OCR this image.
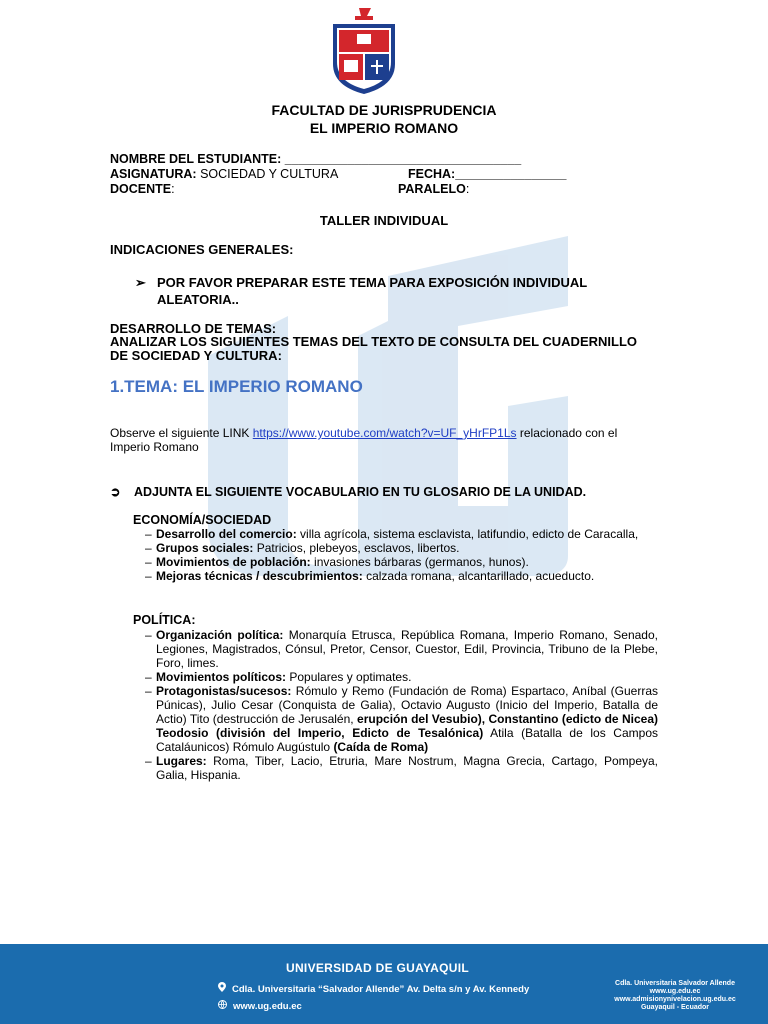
FACULTAD DE JURISPRUDENCIA
EL IMPERIO ROMANO
NOMBRE DEL ESTUDIANTE: __________________________________
ASIGNATURA: SOCIEDAD Y CULTURA	FECHA:________________
DOCENTE:	PARALELO:
TALLER INDIVIDUAL
INDICACIONES GENERALES:
➢ POR FAVOR PREPARAR ESTE TEMA PARA EXPOSICIÓN INDIVIDUAL ALEATORIA..
DESARROLLO DE TEMAS:
ANALIZAR LOS SIGUIENTES TEMAS DEL TEXTO DE CONSULTA DEL CUADERNILLO DE SOCIEDAD Y CULTURA:
1.TEMA: EL IMPERIO ROMANO
Observe el siguiente LINK https://www.youtube.com/watch?v=UF_yHrFP1Ls relacionado con el Imperio Romano
➲ ADJUNTA EL SIGUIENTE VOCABULARIO EN TU GLOSARIO DE LA UNIDAD.
ECONOMÍA/SOCIEDAD
– Desarrollo del comercio: villa agrícola, sistema esclavista, latifundio, edicto de Caracalla,
– Grupos sociales: Patricios, plebeyos, esclavos, libertos.
– Movimientos de población: invasiones bárbaras (germanos, hunos).
– Mejoras técnicas / descubrimientos: calzada romana, alcantarillado, acueducto.
POLÍTICA:
– Organización política: Monarquía Etrusca, República Romana, Imperio Romano, Senado, Legiones, Magistrados, Cónsul, Pretor, Censor, Cuestor, Edil, Provincia, Tribuno de la Plebe, Foro, limes.
– Movimientos políticos: Populares y optimates.
– Protagonistas/sucesos: Rómulo y Remo (Fundación de Roma) Espartaco, Aníbal (Guerras Púnicas), Julio Cesar (Conquista de Galia), Octavio Augusto (Inicio del Imperio, Batalla de Actio) Tito (destrucción de Jerusalén, erupción del Vesubio), Constantino (edicto de Nicea) Teodosio (división del Imperio, Edicto de Tesalónica) Atila (Batalla de los Campos Cataláunicos) Rómulo Augústulo (Caída de Roma)
– Lugares: Roma, Tiber, Lacio, Etruria, Mare Nostrum, Magna Grecia, Cartago, Pompeya, Galia, Hispania.
UNIVERSIDAD DE GUAYAQUIL
Cdla. Universitaria “Salvador Allende” Av. Delta s/n y Av. Kennedy
www.ug.edu.ec
Cdla. Universitaria Salvador Allende
www.ug.edu.ec
www.admisionynivelacion.ug.edu.ec
Guayaquil - Ecuador
